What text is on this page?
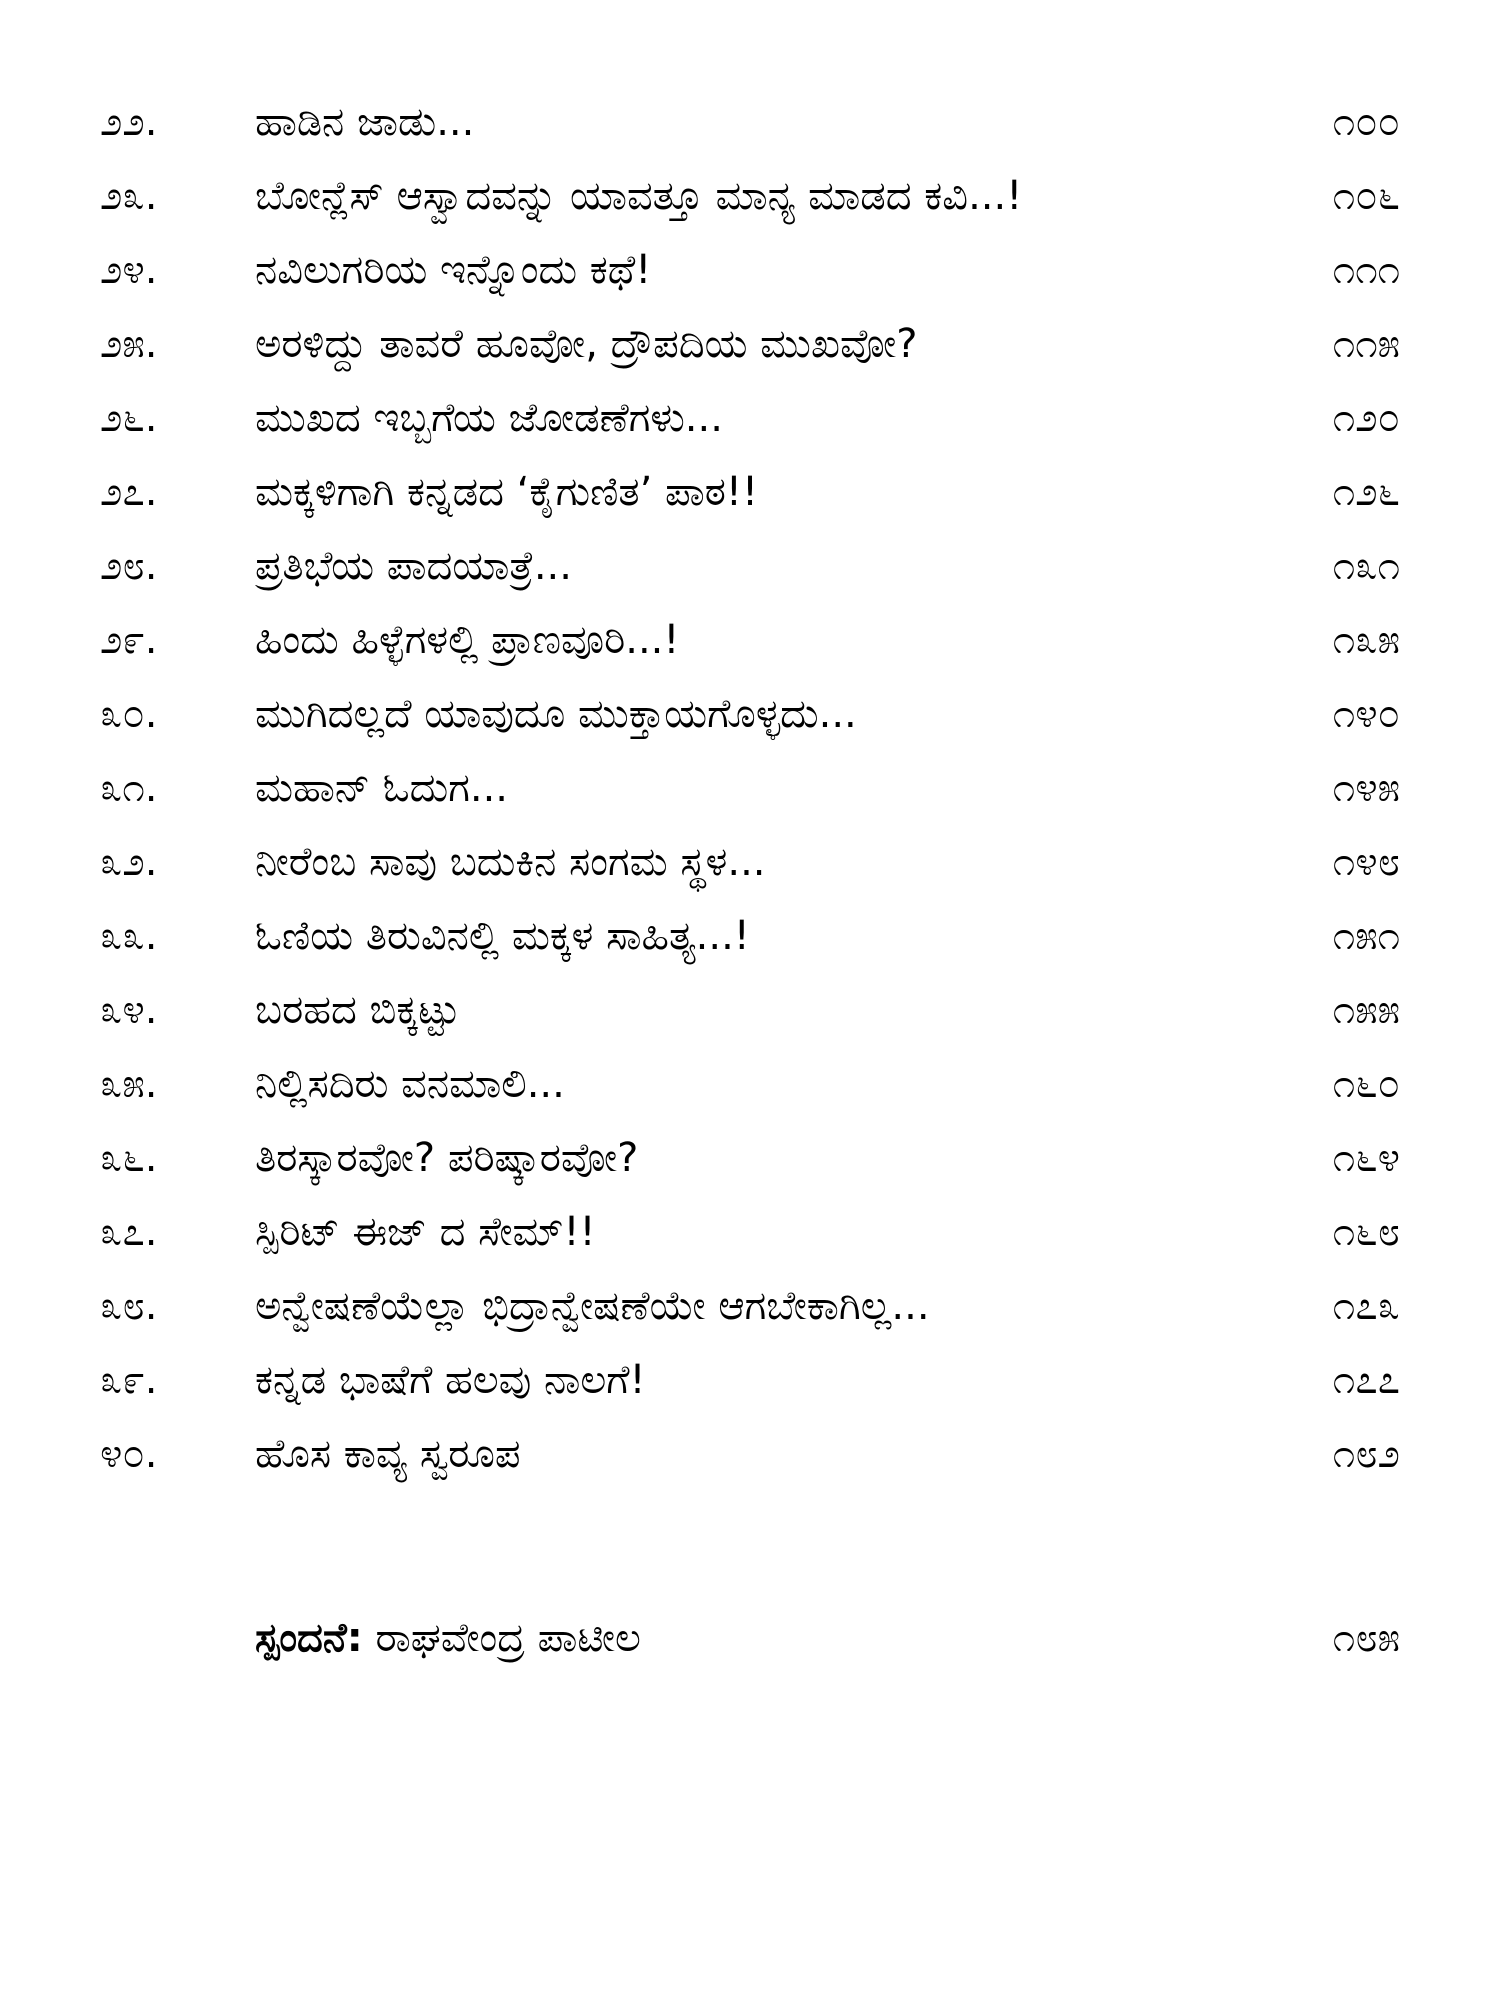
೨೨.	ಹಾಡಿನ ಜಾಡು...	೧೦೦
೨೩.	ಬೋನ್ಲೆಸ್ ಆಸ್ವಾದವನ್ನು ಯಾವತ್ತೂ ಮಾನ್ಯ ಮಾಡದ ಕವಿ...!	೧೦೬
೨೪.	ನವಿಲುಗರಿಯ ಇನ್ನೊಂದು ಕಥೆ!	೧೧೧
೨೫.	ಅರಳಿದ್ದು ತಾವರೆ ಹೂವೋ, ದ್ರೌಪದಿಯ ಮುಖವೋ?	೧೧೫
೨೬.	ಮುಖದ ಇಬ್ಬಗೆಯ ಜೋಡಣೆಗಳು...	೧೨೦
೨೭.	ಮಕ್ಕಳಿಗಾಗಿ ಕನ್ನಡದ ‘ಕೈಗುಣಿತ’ ಪಾಠ!!	೧೨೬
೨೮.	ಪ್ರತಿಭೆಯ ಪಾದಯಾತ್ರೆ...	೧೩೧
೨೯.	ಹಿಂದು ಹಿಳ್ಳೆಗಳಲ್ಲಿ ಪ್ರಾಣವೂರಿ...!	೧೩೫
೩೦.	ಮುಗಿದಲ್ಲದೆ ಯಾವುದೂ ಮುಕ್ತಾಯಗೊಳ್ಳದು...	೧೪೦
೩೧.	ಮಹಾನ್ ಓದುಗ...	೧೪೫
೩೨.	ನೀರೆಂಬ ಸಾವು ಬದುಕಿನ ಸಂಗಮ ಸ್ಥಳ...	೧೪೮
೩೩.	ಓಣಿಯ ತಿರುವಿನಲ್ಲಿ ಮಕ್ಕಳ ಸಾಹಿತ್ಯ...!	೧೫೧
೩೪.	ಬರಹದ ಬಿಕ್ಕಟ್ಟು	೧೫೫
೩೫.	ನಿಲ್ಲಿಸದಿರು ವನಮಾಲಿ...	೧೬೦
೩೬.	ತಿರಸ್ಕಾರವೋ? ಪರಿಷ್ಕಾರವೋ?	೧೬೪
೩೭.	ಸ್ಪಿರಿಟ್ ಈಜ್ ದ ಸೇಮ್!!	೧೬೮
೩೮.	ಅನ್ವೇಷಣೆಯೆಲ್ಲಾ ಭಿದ್ರಾನ್ವೇಷಣೆಯೇ ಆಗಬೇಕಾಗಿಲ್ಲ...	೧೭೩
೩೯.	ಕನ್ನಡ ಭಾಷೆಗೆ ಹಲವು ನಾಲಗೆ!	೧೭೭
೪೦.	ಹೊಸ ಕಾವ್ಯ ಸ್ವರೂಪ	೧೮೨
ಸ್ಪಂದನೆ: ರಾಘವೇಂದ್ರ ಪಾಟೀಲ	೧೮೫
